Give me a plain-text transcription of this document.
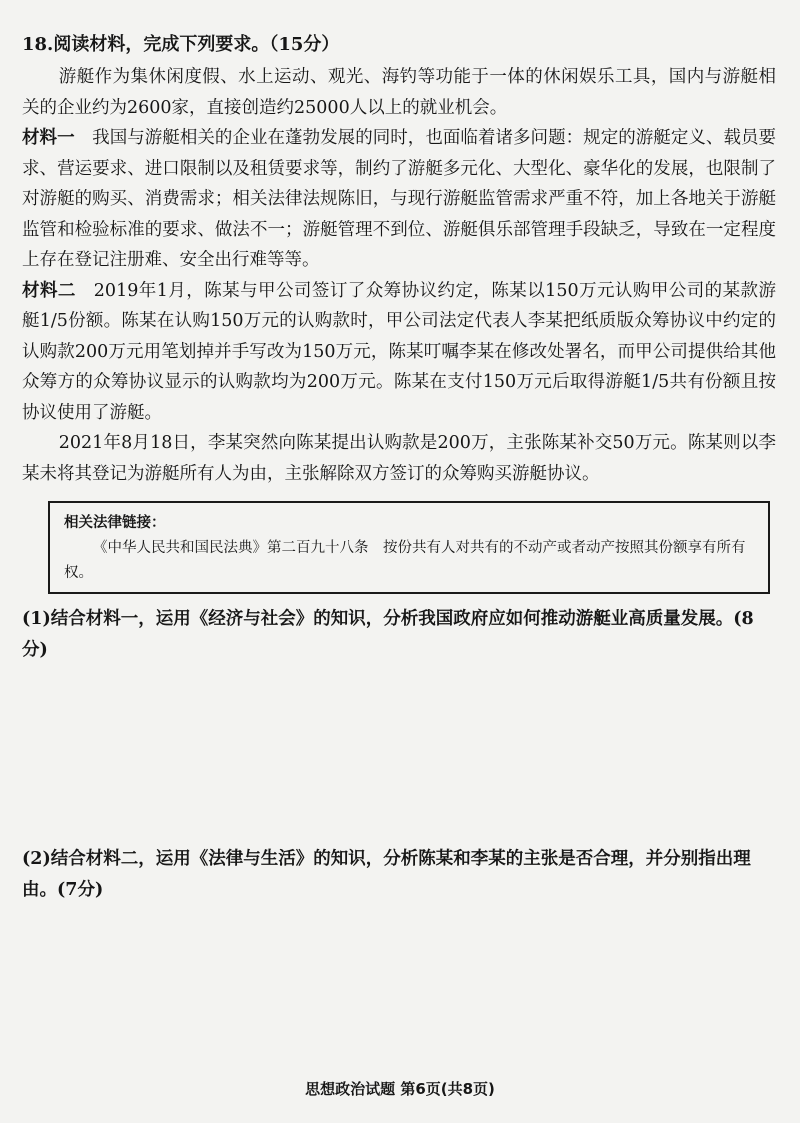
18.阅读材料，完成下列要求。（15分）

游艇作为集休闲度假、水上运动、观光、海钓等功能于一体的休闲娱乐工具，国内与游艇相关的企业约为2600家，直接创造约25000人以上的就业机会。

材料一　 我国与游艇相关的企业在蓬勃发展的同时，也面临着诸多问题：规定的游艇定义、载员要求、营运要求、进口限制以及租赁要求等，制约了游艇多元化、大型化、豪华化的发展，也限制了对游艇的购买、消费需求；相关法律法规陈旧，与现行游艇监管需求严重不符，加上各地关于游艇监管和检验标准的要求、做法不一；游艇管理不到位、游艇俱乐部管理手段缺乏，导致在一定程度上存在登记注册难、安全出行难等等。

材料二　 2019年1月，陈某与甲公司签订了众筹协议约定，陈某以150万元认购甲公司的某款游艇1/5份额。陈某在认购150万元的认购款时，甲公司法定代表人李某把纸质版众筹协议中约定的认购款200万元用笔划掉并手写改为150万元，陈某叮嘱李某在修改处署名，而甲公司提供给其他众筹方的众筹协议显示的认购款均为200万元。陈某在支付150万元后取得游艇1/5共有份额且按协议使用了游艇。

2021年8月18日，李某突然向陈某提出认购款是200万，主张陈某补交50万元。陈某则以李某未将其登记为游艇所有人为由，主张解除双方签订的众筹购买游艇协议。

相关法律链接：

《中华人民共和国民法典》第二百九十八条　按份共有人对共有的不动产或者动产按照其份额享有所有权。

(1)结合材料一，运用《经济与社会》的知识，分析我国政府应如何推动游艇业高质量发展。(8分)

(2)结合材料二，运用《法律与生活》的知识，分析陈某和李某的主张是否合理，并分别指出理由。(7分)

思想政治试题 第6页(共8页)
